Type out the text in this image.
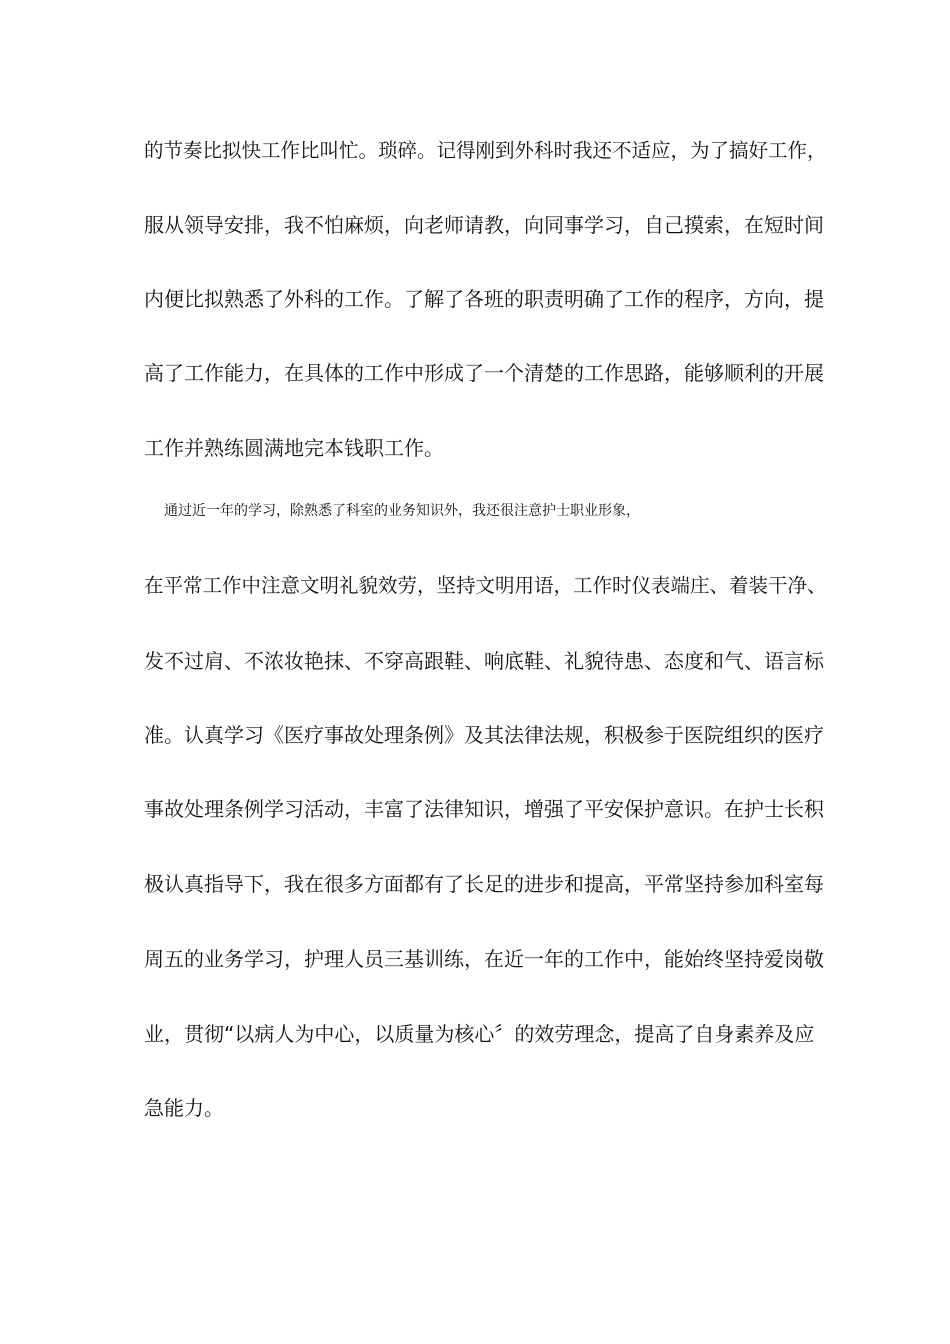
的节奏比拟快工作比叫忙。琐碎。记得刚到外科时我还不适应，为了搞好工作，
服从领导安排，我不怕麻烦，向老师请教，向同事学习，自己摸索，在短时间
内便比拟熟悉了外科的工作。了解了各班的职责明确了工作的程序，方向，提
高了工作能力，在具体的工作中形成了一个清楚的工作思路，能够顺利的开展
工作并熟练圆满地完本钱职工作。
通过近一年的学习，除熟悉了科室的业务知识外，我还很注意护士职业形象，
在平常工作中注意文明礼貌效劳，坚持文明用语，工作时仪表端庄、着装干净、
发不过肩、不浓妆艳抹、不穿高跟鞋、响底鞋、礼貌待患、态度和气、语言标
准。认真学习《医疗事故处理条例》及其法律法规，积极参于医院组织的医疗
事故处理条例学习活动，丰富了法律知识，增强了平安保护意识。在护士长积
极认真指导下，我在很多方面都有了长足的进步和提高，平常坚持参加科室每
周五的业务学习，护理人员三基训练，在近一年的工作中，能始终坚持爱岗敬
业，贯彻“以病人为中心，以质量为核心〞的效劳理念，提高了自身素养及应
急能力。
